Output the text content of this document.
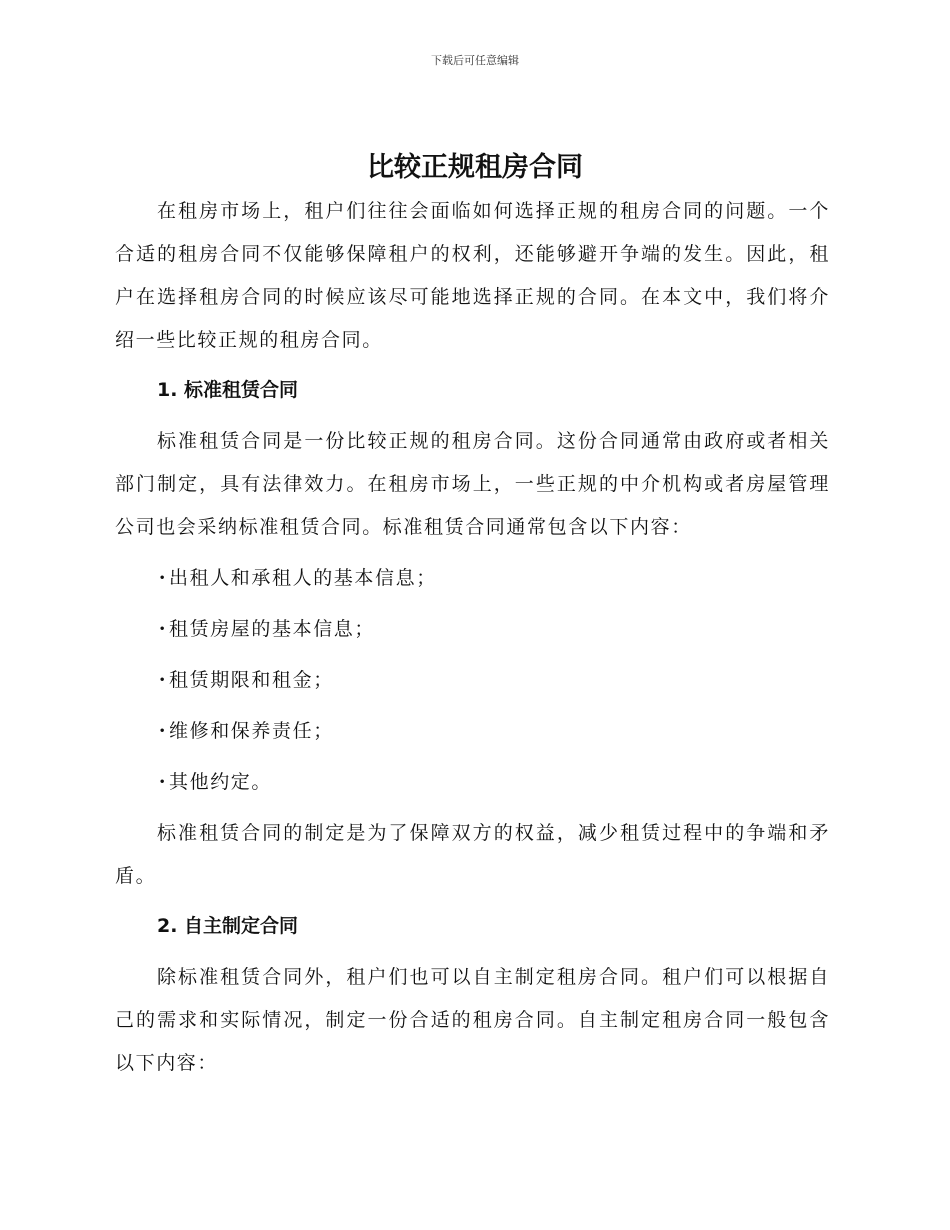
下载后可任意编辑
比较正规租房合同

在租房市场上，租户们往往会面临如何选择正规的租房合同的问题。一个合适的租房合同不仅能够保障租户的权利，还能够避开争端的发生。因此，租户在选择租房合同的时候应该尽可能地选择正规的合同。在本文中，我们将介绍一些比较正规的租房合同。

1. 标准租赁合同

标准租赁合同是一份比较正规的租房合同。这份合同通常由政府或者相关部门制定，具有法律效力。在租房市场上，一些正规的中介机构或者房屋管理公司也会采纳标准租赁合同。标准租赁合同通常包含以下内容：

·出租人和承租人的基本信息；
·租赁房屋的基本信息；
·租赁期限和租金；
·维修和保养责任；
·其他约定。

标准租赁合同的制定是为了保障双方的权益，减少租赁过程中的争端和矛盾。

2. 自主制定合同

除标准租赁合同外，租户们也可以自主制定租房合同。租户们可以根据自己的需求和实际情况，制定一份合适的租房合同。自主制定租房合同一般包含以下内容：
